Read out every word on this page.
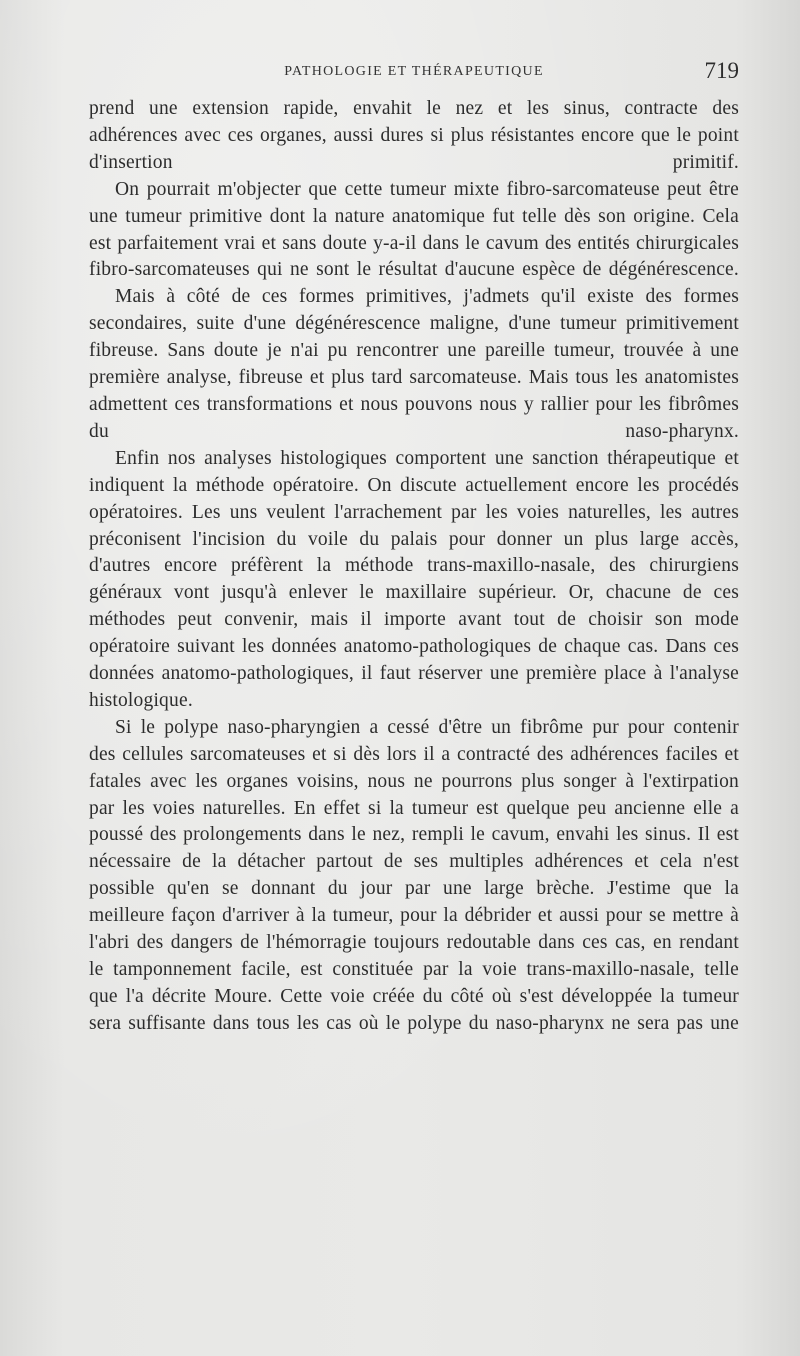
PATHOLOGIE ET THÉRAPEUTIQUE	719

prend une extension rapide, envahit le nez et les sinus, contracte des adhérences avec ces organes, aussi dures si plus résistantes encore que le point d'insertion primitif.

On pourrait m'objecter que cette tumeur mixte fibro-sarcomateuse peut être une tumeur primitive dont la nature anatomique fut telle dès son origine. Cela est parfaitement vrai et sans doute y-a-il dans le cavum des entités chirurgicales fibro-sarcomateuses qui ne sont le résultat d'aucune espèce de dégénérescence.

Mais à côté de ces formes primitives, j'admets qu'il existe des formes secondaires, suite d'une dégénérescence maligne, d'une tumeur primitivement fibreuse. Sans doute je n'ai pu rencontrer une pareille tumeur, trouvée à une première analyse, fibreuse et plus tard sarcomateuse. Mais tous les anatomistes admettent ces transformations et nous pouvons nous y rallier pour les fibrômes du naso-pharynx.

Enfin nos analyses histologiques comportent une sanction thérapeutique et indiquent la méthode opératoire. On discute actuellement encore les procédés opératoires. Les uns veulent l'arrachement par les voies naturelles, les autres préconisent l'incision du voile du palais pour donner un plus large accès, d'autres encore préfèrent la méthode trans-maxillo-nasale, des chirurgiens généraux vont jusqu'à enlever le maxillaire supérieur. Or, chacune de ces méthodes peut convenir, mais il importe avant tout de choisir son mode opératoire suivant les données anatomo-pathologiques de chaque cas. Dans ces données anatomo-pathologiques, il faut réserver une première place à l'analyse histologique.

Si le polype naso-pharyngien a cessé d'être un fibrôme pur pour contenir des cellules sarcomateuses et si dès lors il a contracté des adhérences faciles et fatales avec les organes voisins, nous ne pourrons plus songer à l'extirpation par les voies naturelles. En effet si la tumeur est quelque peu ancienne elle a poussé des prolongements dans le nez, rempli le cavum, envahi les sinus. Il est nécessaire de la détacher partout de ses multiples adhérences et cela n'est possible qu'en se donnant du jour par une large brèche. J'estime que la meilleure façon d'arriver à la tumeur, pour la débrider et aussi pour se mettre à l'abri des dangers de l'hémorragie toujours redoutable dans ces cas, en rendant le tamponnement facile, est constituée par la voie trans-maxillo-nasale, telle que l'a décrite Moure. Cette voie créée du côté où s'est développée la tumeur sera suffisante dans tous les cas où le polype du naso-pharynx ne sera pas une
